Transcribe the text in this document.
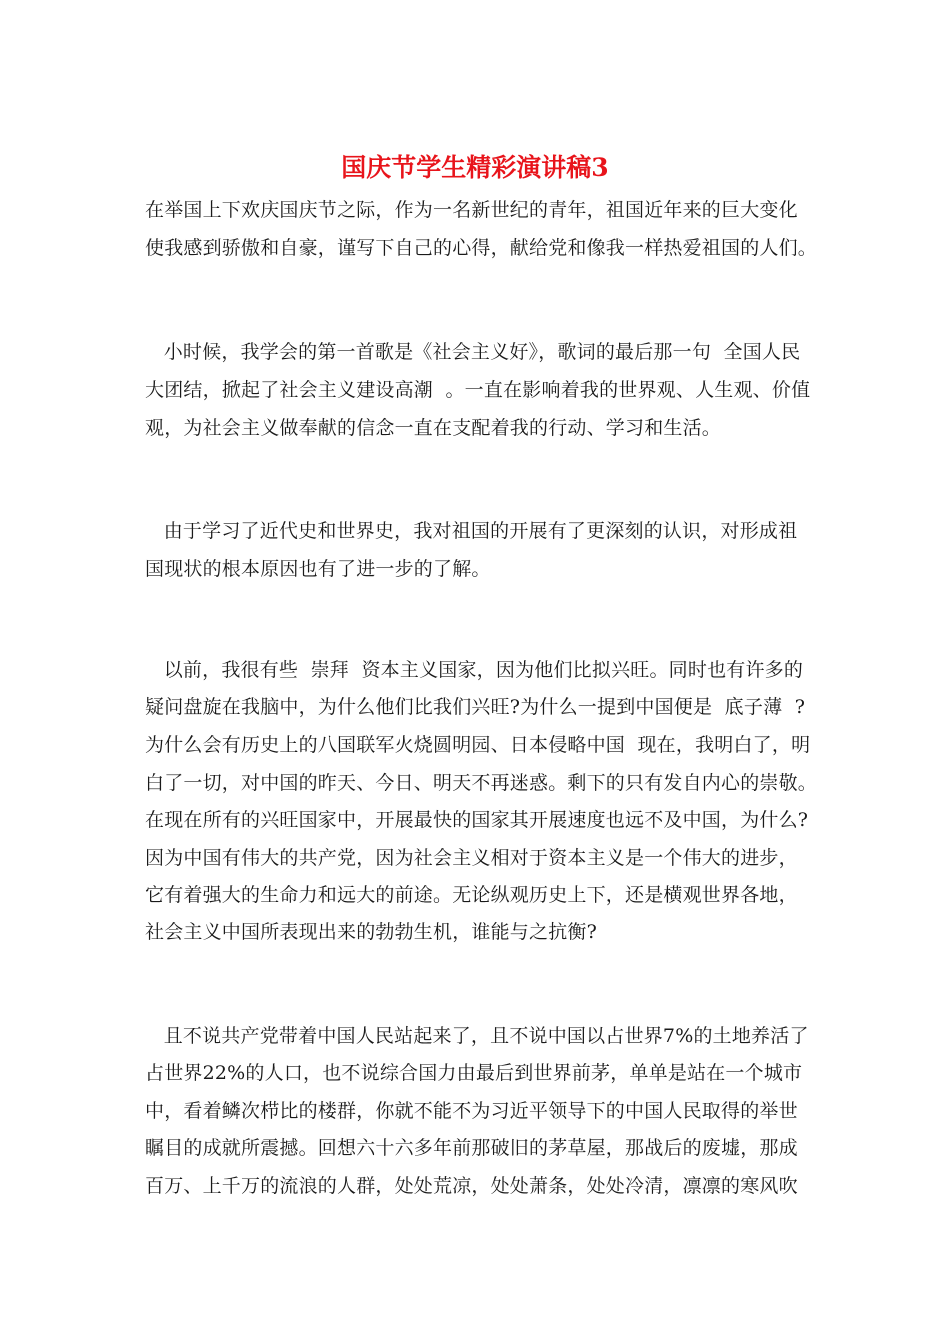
国庆节学生精彩演讲稿3
在举国上下欢庆国庆节之际，作为一名新世纪的青年，祖国近年来的巨大变化
使我感到骄傲和自豪，谨写下自己的心得，献给党和像我一样热爱祖国的人们。
小时候，我学会的第一首歌是《社会主义好》，歌词的最后那一句  全国人民
大团结，掀起了社会主义建设高潮  。一直在影响着我的世界观、人生观、价值
观，为社会主义做奉献的信念一直在支配着我的行动、学习和生活。
由于学习了近代史和世界史，我对祖国的开展有了更深刻的认识，对形成祖
国现状的根本原因也有了进一步的了解。
以前，我很有些  崇拜  资本主义国家，因为他们比拟兴旺。同时也有许多的
疑问盘旋在我脑中，为什么他们比我们兴旺?为什么一提到中国便是  底子薄  ?
为什么会有历史上的八国联军火烧圆明园、日本侵略中国  现在，我明白了，明
白了一切，对中国的昨天、今日、明天不再迷惑。剩下的只有发自内心的崇敬。
在现在所有的兴旺国家中，开展最快的国家其开展速度也远不及中国，为什么?
因为中国有伟大的共产党，因为社会主义相对于资本主义是一个伟大的进步，
它有着强大的生命力和远大的前途。无论纵观历史上下，还是横观世界各地，
社会主义中国所表现出来的勃勃生机，谁能与之抗衡?
且不说共产党带着中国人民站起来了，且不说中国以占世界7%的土地养活了
占世界22%的人口，也不说综合国力由最后到世界前茅，单单是站在一个城市
中，看着鳞次栉比的楼群，你就不能不为习近平领导下的中国人民取得的举世
瞩目的成就所震撼。回想六十六多年前那破旧的茅草屋，那战后的废墟，那成
百万、上千万的流浪的人群，处处荒凉，处处萧条，处处冷清，凛凛的寒风吹
